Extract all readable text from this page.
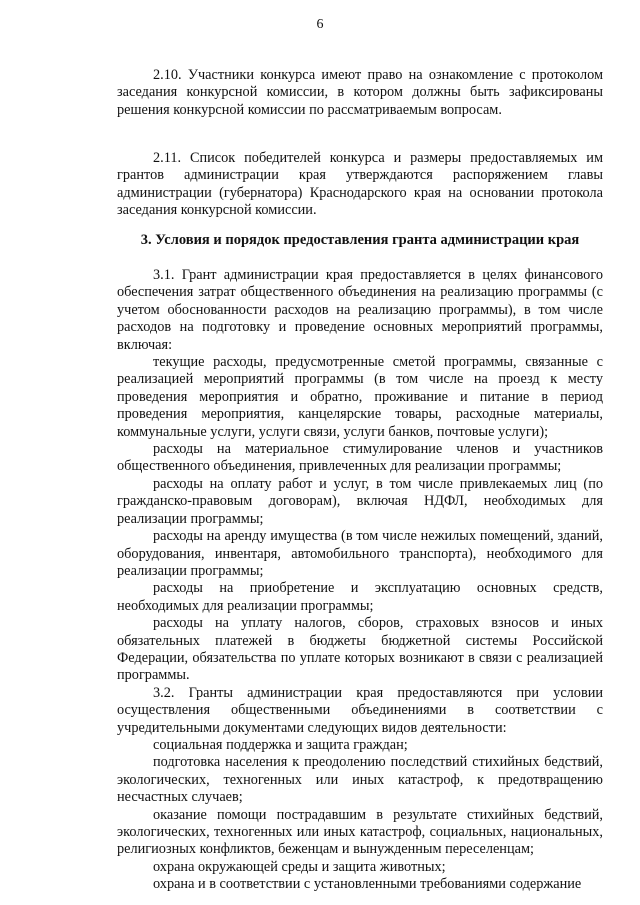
6

2.10. Участники конкурса имеют право на ознакомление с протоколом заседания конкурсной комиссии, в котором должны быть зафиксированы решения конкурсной комиссии по рассматриваемым вопросам.

2.11. Список победителей конкурса и размеры предоставляемых им грантов администрации края утверждаются распоряжением главы администрации (губернатора) Краснодарского края на основании протокола заседания конкурсной комиссии.

3. Условия и порядок предоставления гранта администрации края

3.1. Грант администрации края предоставляется в целях финансового обеспечения затрат общественного объединения на реализацию программы (с учетом обоснованности расходов на реализацию программы), в том числе расходов на подготовку и проведение основных мероприятий программы, включая:

текущие расходы, предусмотренные сметой программы, связанные с реализацией мероприятий программы (в том числе на проезд к месту проведения мероприятия и обратно, проживание и питание в период проведения мероприятия, канцелярские товары, расходные материалы, коммунальные услуги, услуги связи, услуги банков, почтовые услуги);

расходы на материальное стимулирование членов и участников общественного объединения, привлеченных для реализации программы;

расходы на оплату работ и услуг, в том числе привлекаемых лиц (по гражданско-правовым договорам), включая НДФЛ, необходимых для реализации программы;

расходы на аренду имущества (в том числе нежилых помещений, зданий, оборудования, инвентаря, автомобильного транспорта), необходимого для реализации программы;

расходы на приобретение и эксплуатацию основных средств, необходимых для реализации программы;

расходы на уплату налогов, сборов, страховых взносов и иных обязательных платежей в бюджеты бюджетной системы Российской Федерации, обязательства по уплате которых возникают в связи с реализацией программы.

3.2. Гранты администрации края предоставляются при условии осуществления общественными объединениями в соответствии с учредительными документами следующих видов деятельности:

социальная поддержка и защита граждан;

подготовка населения к преодолению последствий стихийных бедствий, экологических, техногенных или иных катастроф, к предотвращению несчастных случаев;

оказание помощи пострадавшим в результате стихийных бедствий, экологических, техногенных или иных катастроф, социальных, национальных, религиозных конфликтов, беженцам и вынужденным переселенцам;

охрана окружающей среды и защита животных;

охрана и в соответствии с установленными требованиями содержание
